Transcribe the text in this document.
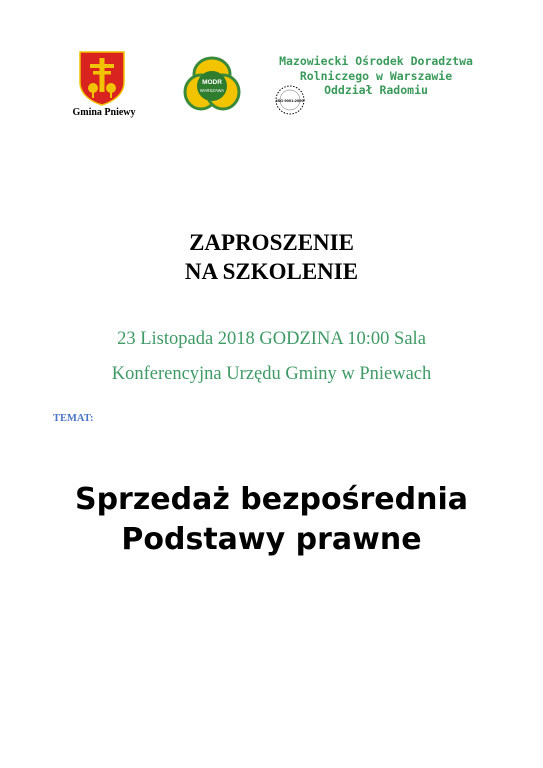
Gmina Pniewy
MODR
WARSZAWA
Mazowiecki Ośrodek Doradztwa
Rolniczego w Warszawie
Oddział Radomiu
ISO 9001:2000
ZAPROSZENIE
NA SZKOLENIE
23 Listopada 2018 GODZINA 10:00 Sala
Konferencyjna Urzędu Gminy w Pniewach
TEMAT:
Sprzedaż bezpośrednia
Podstawy prawne
